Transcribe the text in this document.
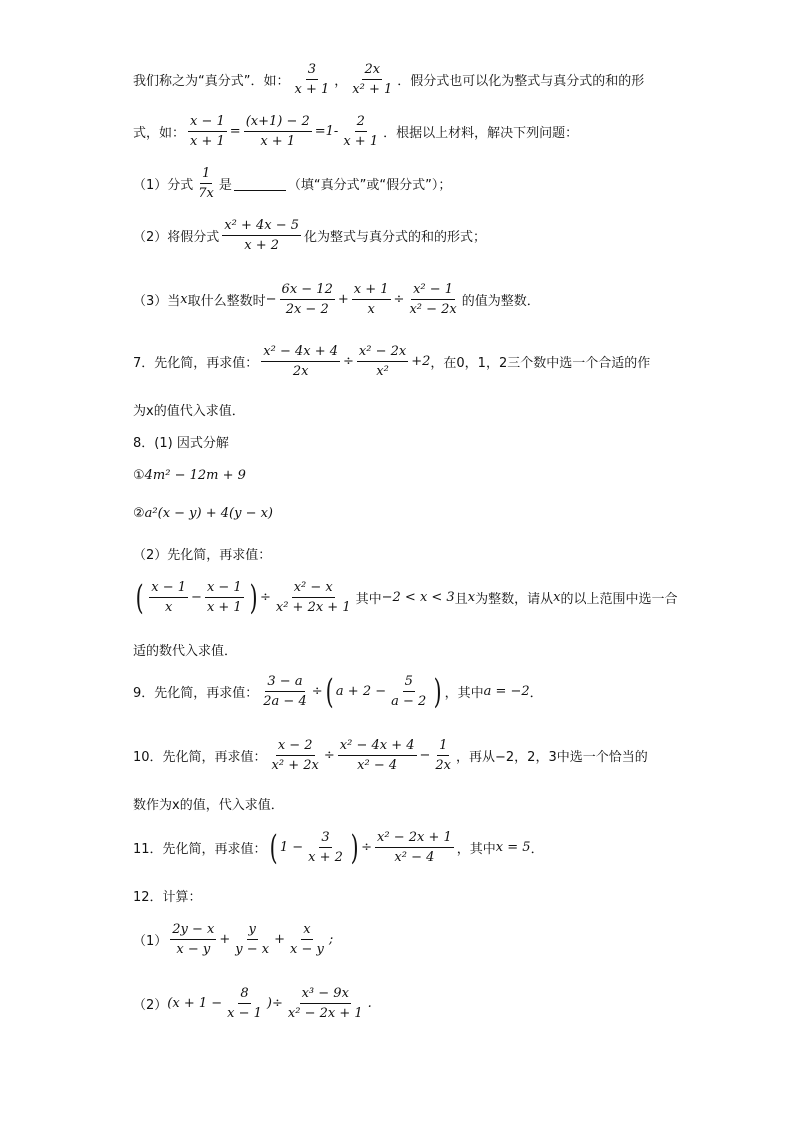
我们称之为“真分式”．如： $\frac{3}{x + 1}$ ， $\frac{2x}{\text{x² + 1}}$ ．假分式也可以化为整式与真分式的和的形
式，如： $\frac{x - 1}{x + 1} = \frac{(x+1) - 2}{x + 1} =1- \frac{2}{x + 1}$ ．根据以上材料，解决下列问题：
（1）分式 $\frac{1}{7x}$ 是	（填“真分式”或“假分式”）；
（2）将假分式 $\frac{\text{x² + 4x − 5}}{x + 2}$ 化为整式与真分式的和的形式；
（3）当 x 取什么整数时 − $\frac{6x - 12}{2x - 2} + \frac{x + 1}{x} \div \frac{\text{x² − 1}}{\text{x² − 2x}}$ 的值为整数．
7．先化简，再求值： $\frac{\text{x² − 4x + 4}}{2x} \div \frac{\text{x² − 2x}}{\text{x²}} +2$ ，在0，1，2三个数中选一个合适的作
为x的值代入求值．
8．(1) 因式分解
① 4m² − 12m + 9
② a²(x − y) + 4(y − x)
（2）先化简，再求值：
( $\frac{x - 1}{x} - \frac{x - 1}{x + 1}$ ) ÷ $\frac{\text{x² − x}}{\text{x² + 2x + 1}}$ 其中 −2 < x < 3 且 x 为整数，请从 x 的以上范围中选一合
适的数代入求值．
9．先化简，再求值： $\frac{3 - a}{2a - 4}$ ÷ ( $a + 2 - \frac{5}{a - 2}$ ) ，其中 a = −2 ．
10．先化简，再求值： $\frac{x - 2}{\text{x² + 2x}} \div \frac{\text{x² − 4x + 4}}{\text{x² − 4}} - \frac{1}{2x}$ ，再从−2，2，3中选一个恰当的
数作为x的值，代入求值．
11．先化简，再求值： ( $1 - \frac{3}{x + 2}$ ) ÷ $\frac{\text{x² − 2x + 1}}{\text{x² − 4}}$ ，其中 x = 5 ．
12．计算：
$(1) \frac{2y - x}{x - y} + \frac{y}{y - x} + \frac{x}{x - y}$ ;
（2） ($x + 1 - \frac{8}{x - 1}$ ) ÷ $\frac{\text{x³ − 9x}}{\text{x² − 2x + 1}}$ .
